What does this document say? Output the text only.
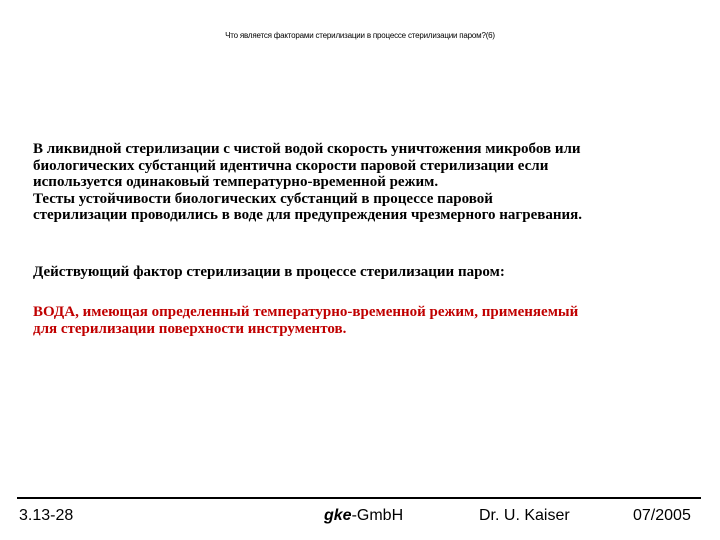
Что является факторами стерилизации в процессе стерилизации паром?(6)

В ликвидной стерилизации с чистой водой скорость уничтожения микробов или

биологических субстанций идентична скорости паровой стерилизации если

используется одинаковый температурно-временной режим.

Тесты устойчивости биологических субстанций в процессе паровой

стерилизации проводились в воде для предупреждения чрезмерного нагревания.

Действующий фактор стерилизации в процессе стерилизации паром:

ВОДА, имеющая определенный температурно-временной режим, применяемый

для стерилизации поверхности инструментов.

3.13-28	gke-GmbH	Dr. U. Kaiser	07/2005
